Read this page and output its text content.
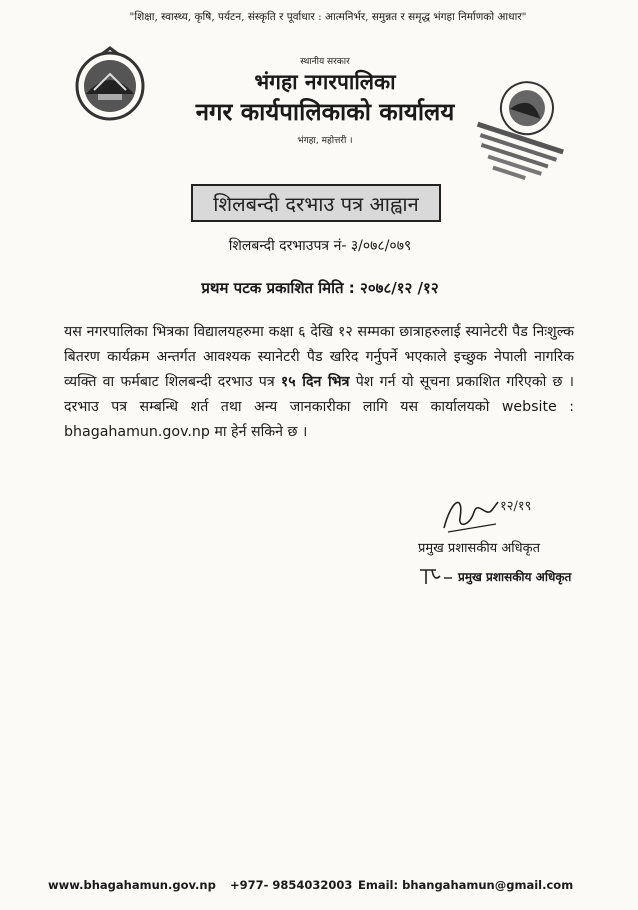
"शिक्षा, स्वास्थ्य, कृषि, पर्यटन, संस्कृति र पूर्वाधार : आत्मनिर्भर, समुन्नत र समृद्ध भंगहा निर्माणको आधार"
स्थानीय सरकार
भंगहा नगरपालिका
नगर कार्यपालिकाको कार्यालय
भंगहा, महोत्तरी ।
शिलबन्दी दरभाउ पत्र आह्वान
शिलबन्दी दरभाउपत्र नं- ३/०७८/०७९
प्रथम पटक प्रकाशित मिति : २०७८/१२ /१२
यस नगरपालिका भित्रका विद्यालयहरुमा कक्षा ६ देखि १२ सम्मका छात्राहरुलाई स्यानेटरी पैड निःशुल्क बितरण कार्यक्रम अन्तर्गत आवश्यक स्यानेटरी पैड खरिद गर्नुपर्ने भएकाले इच्छुक नेपाली नागरिक व्यक्ति वा फर्मबाट शिलबन्दी दरभाउ पत्र १५ दिन भित्र पेश गर्न यो सूचना प्रकाशित गरिएको छ । दरभाउ पत्र सम्बन्धि शर्त तथा अन्य जानकारीका लागि यस कार्यालयको website : bhagahamun.gov.np मा हेर्न सकिने छ ।
१२/१९
प्रमुख प्रशासकीय अधिकृत
प्रमुख प्रशासकीय अधिकृत
www.bhagahamun.gov.np +977- 9854032003 Email: bhangahamun@gmail.com
